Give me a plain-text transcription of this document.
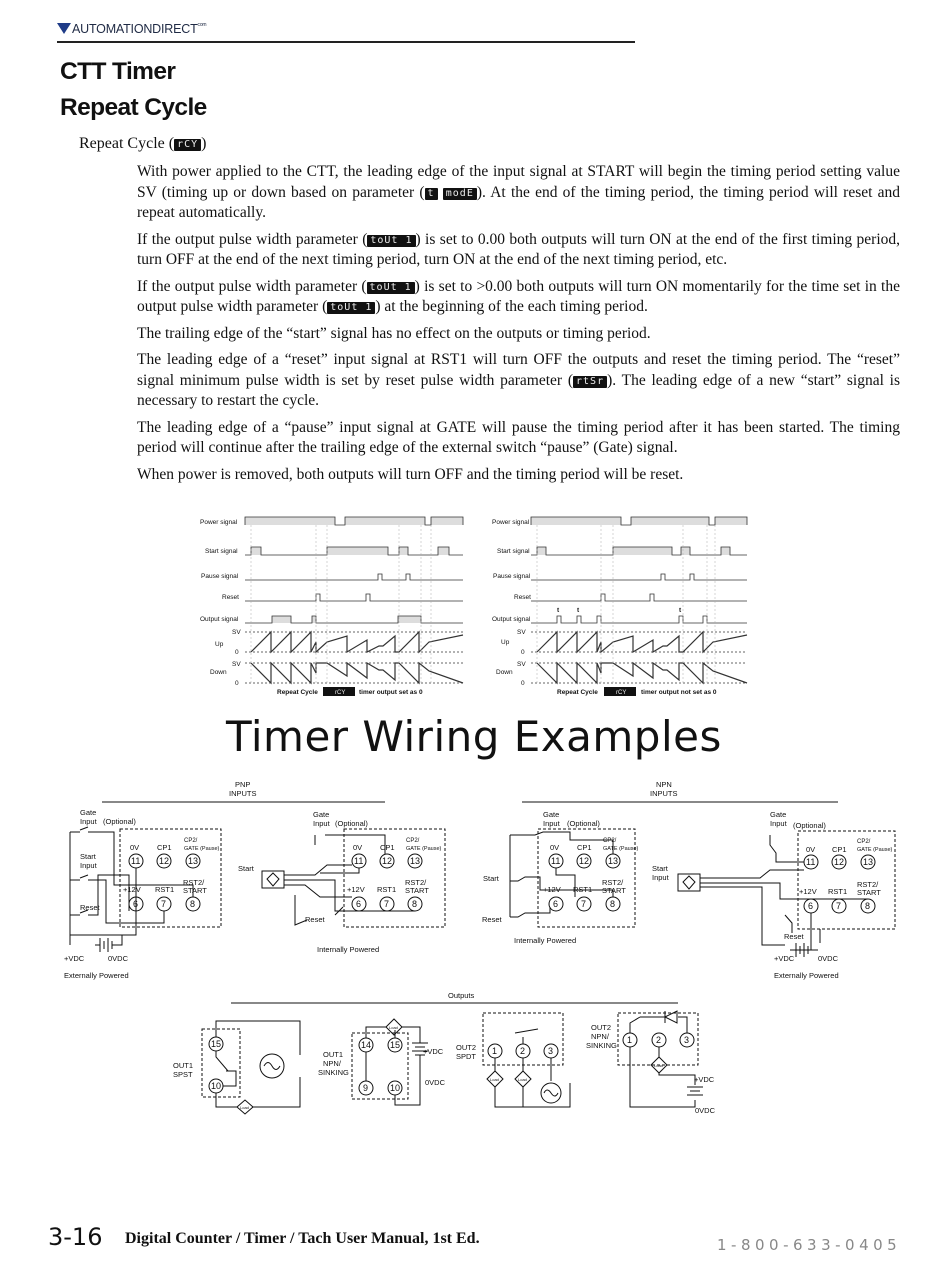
$AUTOMATIONDIRECT^{com}$
CTT Timer
Repeat Cycle
Repeat Cycle ( rCY )

With power applied to the CTT, the leading edge of the input signal at START will begin the timing period setting value SV (timing up or down based on parameter ( t modE ). At the end of the timing period, the timing period will reset and repeat automatically.

If the output pulse width parameter ( toUt 1 ) is set to 0.00 both outputs will turn ON at the end of the first timing period, turn OFF at the end of the next timing period, turn ON at the end of the next timing period, etc.

If the output pulse width parameter ( toUt 1 ) is set to >0.00 both outputs will turn ON momentarily for the time set in the output pulse width parameter ( toUt 1 ) at the beginning of the each timing period.

The trailing edge of the “start” signal has no effect on the outputs or timing period.

The leading edge of a “reset” input signal at RST1 will turn OFF the outputs and reset the timing period. The “reset” signal minimum pulse width is set by reset pulse width parameter ( rtSr ). The leading edge of a new “start” signal is necessary to restart the cycle.

The leading edge of a “pause” input signal at GATE will pause the timing period after it has been started. The timing period will continue after the trailing edge of the external switch “pause” (Gate) signal.

When power is removed, both outputs will turn OFF and the timing period will be reset.

Power signal
Start signal
Pause signal
Reset
Output signal
SV
Up
0
SV
Down
0
Repeat Cycle	rCY timer output set as 0
Power signal
Start signal
Pause signal
Reset
Output signal
SV
Up
0
SV
Down
0
t	t	t
Repeat Cycle	rCY timer output not set as 0
Timer Wiring Examples
PNP
INPUTS
NPN
INPUTS
Gate
Input (Optional)
Start
Input
Reset
0V CP1
CP2/
GATE (Pause)
11 12 13
+12V RST1
RST2/
START
6	7	8
+VDC	0VDC
Externally Powered
Gate
Input (Optional)
Start
Reset
0V CP1
CP2/
GATE (Pause)
11 12 13
+12V RST1
RST2/
START
6	7	8
Internally Powered
Gate
Input (Optional)
Start
Reset
0V CP1
CP2/
GATE (Pause)
11 12 13
+12V RST1
RST2/
START
6	7	8
Internally Powered
Gate
Input (Optional)
Start
Input
Reset
0V CP1
CP2/
GATE (Pause)
11 12 13
+12V RST1
RST2/
START
6	7	8
+VDC	0VDC
Externally Powered
Outputs
OUT1
SPST
15
10
Load
OUT1
NPN/
SINKING
14 15
9 10
Load
+VDC
0VDC
OUT2
SPDT
1	2	3
Load	Load
OUT2
NPN/
SINKING
1	2	3
Load
+VDC
0VDC
3-16 Digital Counter / Timer / Tach User Manual, 1st Ed.	1-800-633-0405
